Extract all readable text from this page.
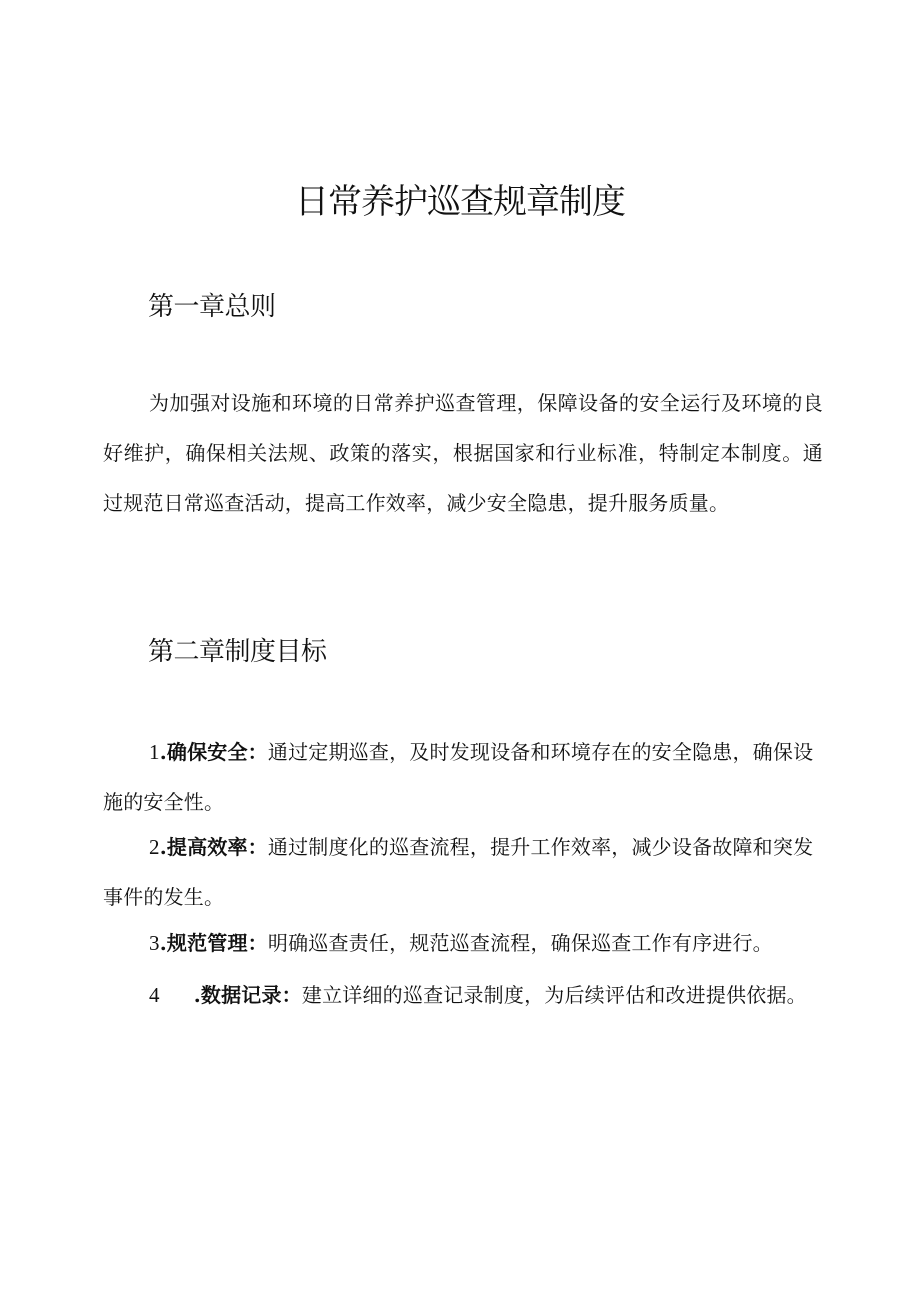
日常养护巡查规章制度
第一章总则

为加强对设施和环境的日常养护巡查管理，保障设备的安全运行及环境的良好维护，确保相关法规、政策的落实，根据国家和行业标准，特制定本制度。通过规范日常巡查活动，提高工作效率，减少安全隐患，提升服务质量。

第二章制度目标

1.确保安全：通过定期巡查，及时发现设备和环境存在的安全隐患，确保设施的安全性。

2.提高效率：通过制度化的巡查流程，提升工作效率，减少设备故障和突发事件的发生。

3.规范管理：明确巡查责任，规范巡查流程，确保巡查工作有序进行。

4 .数据记录：建立详细的巡查记录制度，为后续评估和改进提供依据。
